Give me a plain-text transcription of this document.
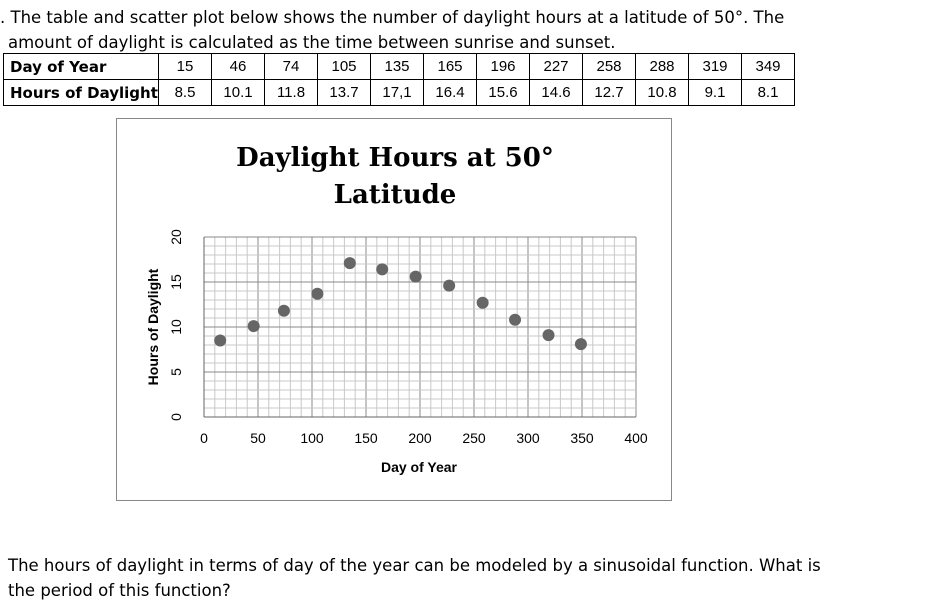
. The table and scatter plot below shows the number of daylight hours at a latitude of 50°. The
amount of daylight is calculated as the time between sunrise and sunset.
Day of Year	15	46	74	105	135	165	196	227	258	288	319	349
Hours of Daylight	8.5	10.1	11.8	13.7	17,1	16.4	15.6	14.6	12.7	10.8	9.1	8.1
Daylight Hours at 50°
Latitude
0	50 100 150 200 250 300 350 400
0
5
10
15
20
Day of Year
Hours of Daylight
The hours of daylight in terms of day of the year can be modeled by a sinusoidal function. What is
the period of this function?
